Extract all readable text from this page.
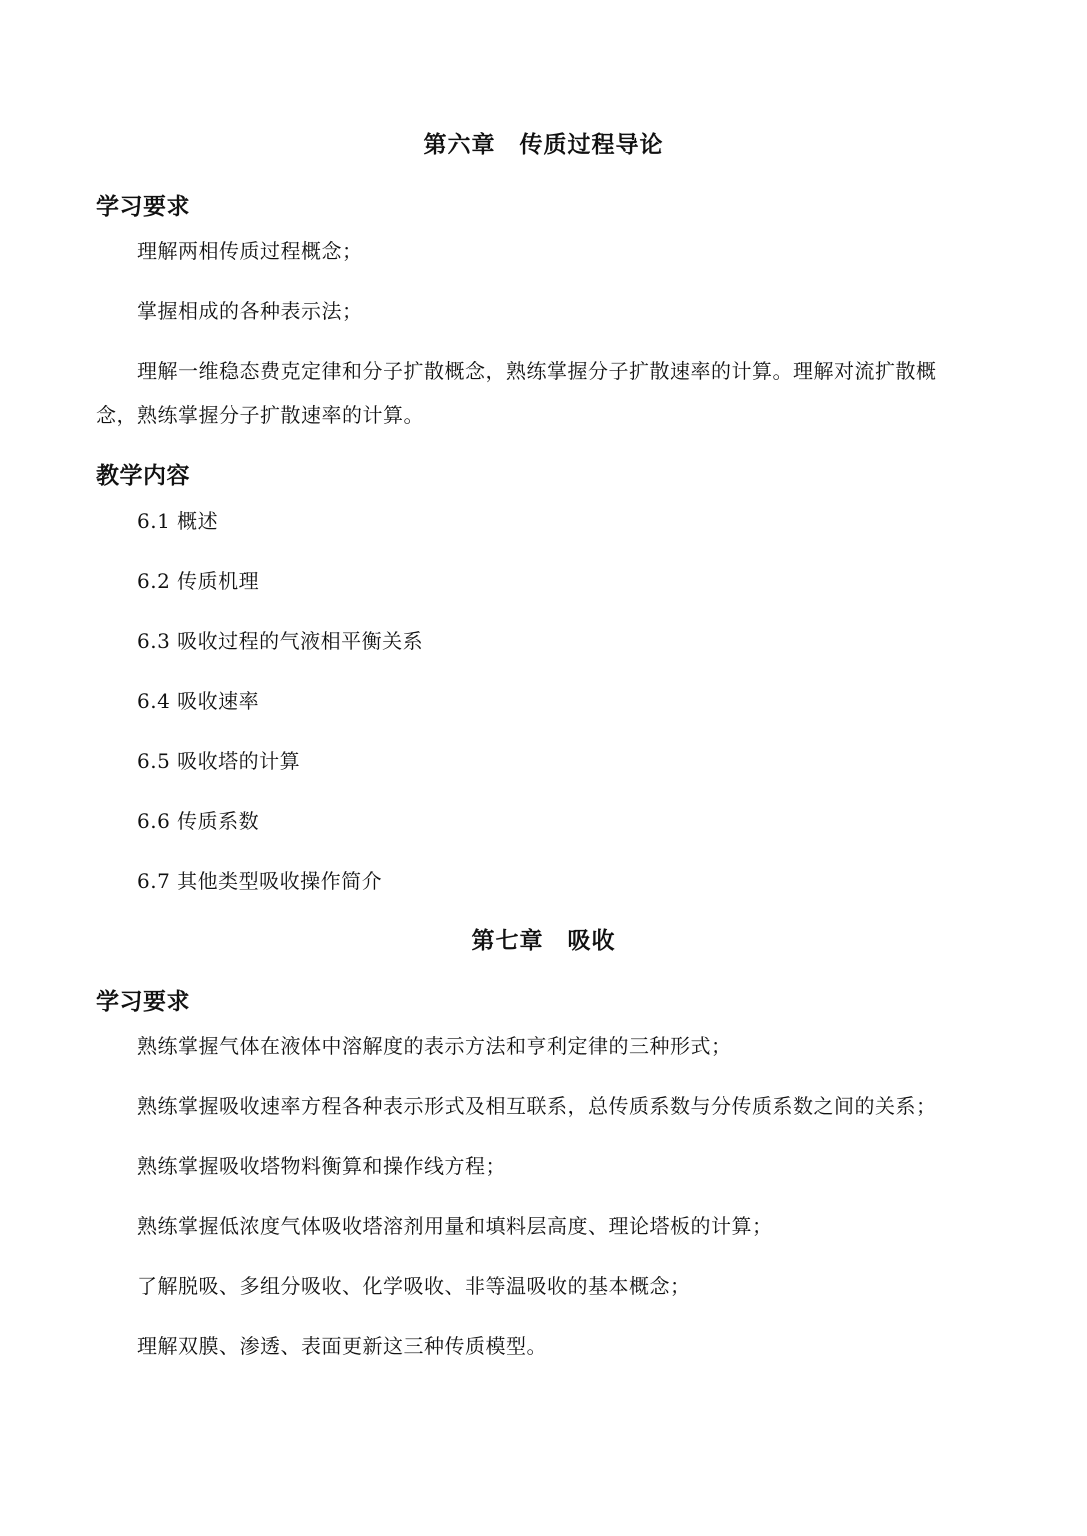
第六章　传质过程导论
学习要求
理解两相传质过程概念；
掌握相成的各种表示法；
理解一维稳态费克定律和分子扩散概念，熟练掌握分子扩散速率的计算。理解对流扩散概
念，熟练掌握分子扩散速率的计算。
教学内容
6.1 概述
6.2 传质机理
6.3 吸收过程的气液相平衡关系
6.4 吸收速率
6.5 吸收塔的计算
6.6 传质系数
6.7 其他类型吸收操作简介
第七章　吸收
学习要求
熟练掌握气体在液体中溶解度的表示方法和亨利定律的三种形式；
熟练掌握吸收速率方程各种表示形式及相互联系，总传质系数与分传质系数之间的关系；
熟练掌握吸收塔物料衡算和操作线方程；
熟练掌握低浓度气体吸收塔溶剂用量和填料层高度、理论塔板的计算；
了解脱吸、多组分吸收、化学吸收、非等温吸收的基本概念；
理解双膜、渗透、表面更新这三种传质模型。
